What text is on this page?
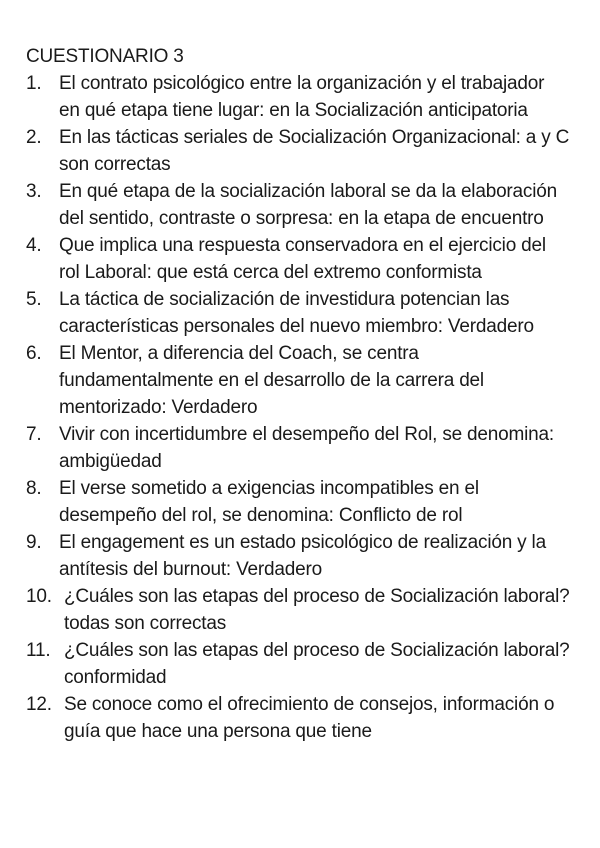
CUESTIONARIO 3
1. El contrato psicológico entre la organización y el trabajador en qué etapa tiene lugar: en la Socialización anticipatoria
2. En las tácticas seriales de Socialización Organizacional: a y C son correctas
3. En qué etapa de la socialización laboral se da la elaboración del sentido, contraste o sorpresa: en la etapa de encuentro
4. Que implica una respuesta conservadora en el ejercicio del rol Laboral: que está cerca del extremo conformista
5. La táctica de socialización de investidura potencian las características personales del nuevo miembro: Verdadero
6. El Mentor, a diferencia del Coach, se centra fundamentalmente en el desarrollo de la carrera del mentorizado: Verdadero
7. Vivir con incertidumbre el desempeño del Rol, se denomina: ambigüedad
8. El verse sometido a exigencias incompatibles en el desempeño del rol, se denomina: Conflicto de rol
9. El engagement es un estado psicológico de realización y la antítesis del burnout: Verdadero
10. ¿Cuáles son las etapas del proceso de Socialización laboral? todas son correctas
11. ¿Cuáles son las etapas del proceso de Socialización laboral? conformidad
12. Se conoce como el ofrecimiento de consejos, información o guía que hace una persona que tiene
